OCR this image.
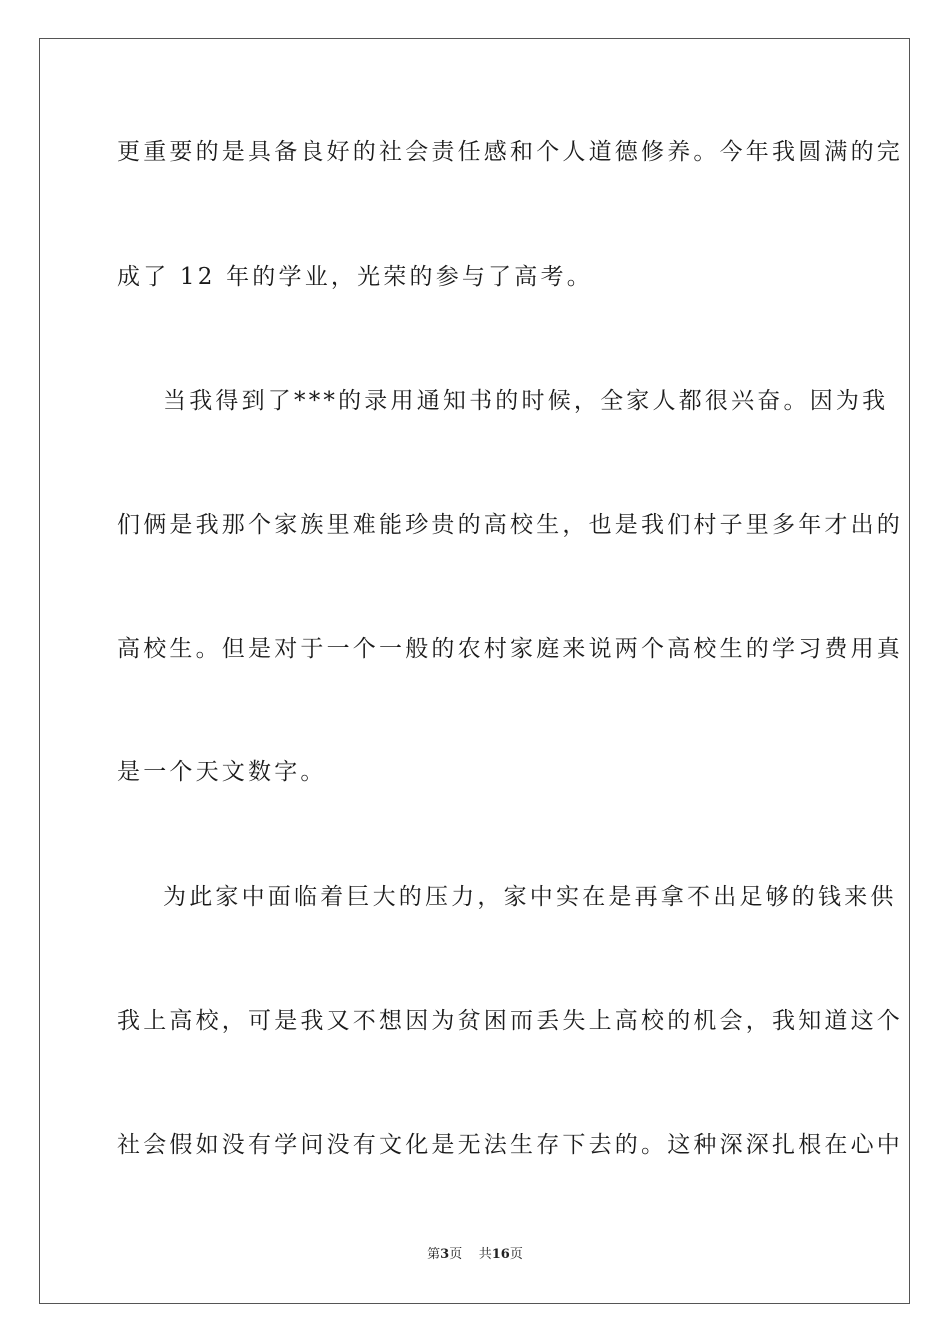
更重要的是具备良好的社会责任感和个人道德修养。今年我圆满的完
成了 12 年的学业，光荣的参与了高考。
当我得到了***的录用通知书的时候，全家人都很兴奋。因为我
们俩是我那个家族里难能珍贵的高校生，也是我们村子里多年才出的
高校生。但是对于一个一般的农村家庭来说两个高校生的学习费用真
是一个天文数字。
为此家中面临着巨大的压力，家中实在是再拿不出足够的钱来供
我上高校，可是我又不想因为贫困而丢失上高校的机会，我知道这个
社会假如没有学问没有文化是无法生存下去的。这种深深扎根在心中
第3页 共16页
